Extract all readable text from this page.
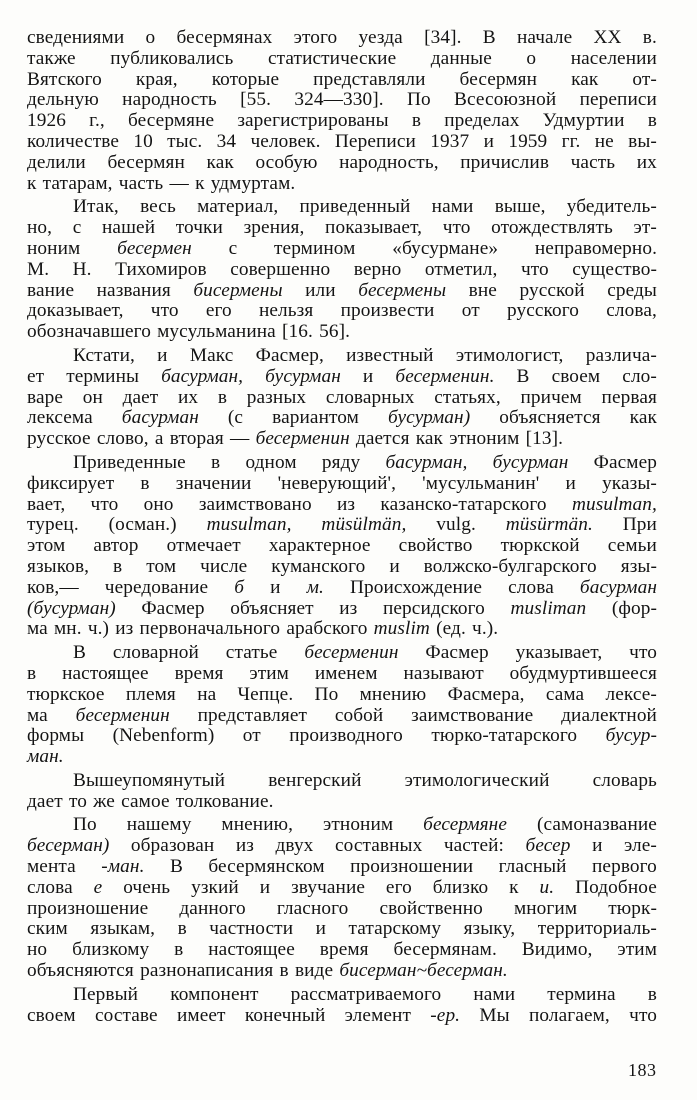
сведениями о бесермянах этого уезда [34]. В начале XX в.
также публиковались статистические данные о населении
Вятского края, которые представляли бесермян как от-
дельную народность [55. 324—330]. По Всесоюзной переписи
1926 г., бесермяне зарегистрированы в пределах Удмуртии в
количестве 10 тыс. 34 человек. Переписи 1937 и 1959 гг. не вы-
делили бесермян как особую народность, причислив часть их
к татарам, часть — к удмуртам.
Итак, весь материал, приведенный нами выше, убедитель-
но, с нашей точки зрения, показывает, что отождествлять эт-
ноним бесермен с термином «бусурмане» неправомерно.
М. Н. Тихомиров совершенно верно отметил, что существо-
вание названия бисермены или бесермены вне русской среды
доказывает, что его нельзя произвести от русского слова,
обозначавшего мусульманина [16. 56].
Кстати, и Макс Фасмер, известный этимологист, различа-
ет термины басурман, бусурман и бесерменин. В своем сло-
варе он дает их в разных словарных статьях, причем первая
лексема басурман (с вариантом бусурман) объясняется как
русское слово, а вторая — бесерменин дается как этноним [13].
Приведенные в одном ряду басурман, бусурман Фасмер
фиксирует в значении 'неверующий', 'мусульманин' и указы-
вает, что оно заимствовано из казанско-татарского musulman,
турец. (осман.) musulman, müsülmän, vulg. müsürmän. При
этом автор отмечает характерное свойство тюркской семьи
языков, в том числе куманского и волжско-булгарского язы-
ков,— чередование б и м. Происхождение слова басурман
(бусурман) Фасмер объясняет из персидского musliman (фор-
ма мн. ч.) из первоначального арабского muslim (ед. ч.).
В словарной статье бесерменин Фасмер указывает, что
в настоящее время этим именем называют обудмуртившееся
тюркское племя на Чепце. По мнению Фасмера, сама лексе-
ма бесерменин представляет собой заимствование диалектной
формы (Nebenform) от производного тюрко-татарского бусур-
ман.
Вышеупомянутый венгерский этимологический словарь
дает то же самое толкование.
По нашему мнению, этноним бесермяне (самоназвание
бесерман) образован из двух составных частей: бесер и эле-
мента -ман. В бесермянском произношении гласный первого
слова е очень узкий и звучание его близко к и. Подобное
произношение данного гласного свойственно многим тюрк-
ским языкам, в частности и татарскому языку, территориаль-
но близкому в настоящее время бесермянам. Видимо, этим
объясняются разнонаписания в виде бисерман~бесерман.
Первый компонент рассматриваемого нами термина в
своем составе имеет конечный элемент -ер. Мы полагаем, что
183
